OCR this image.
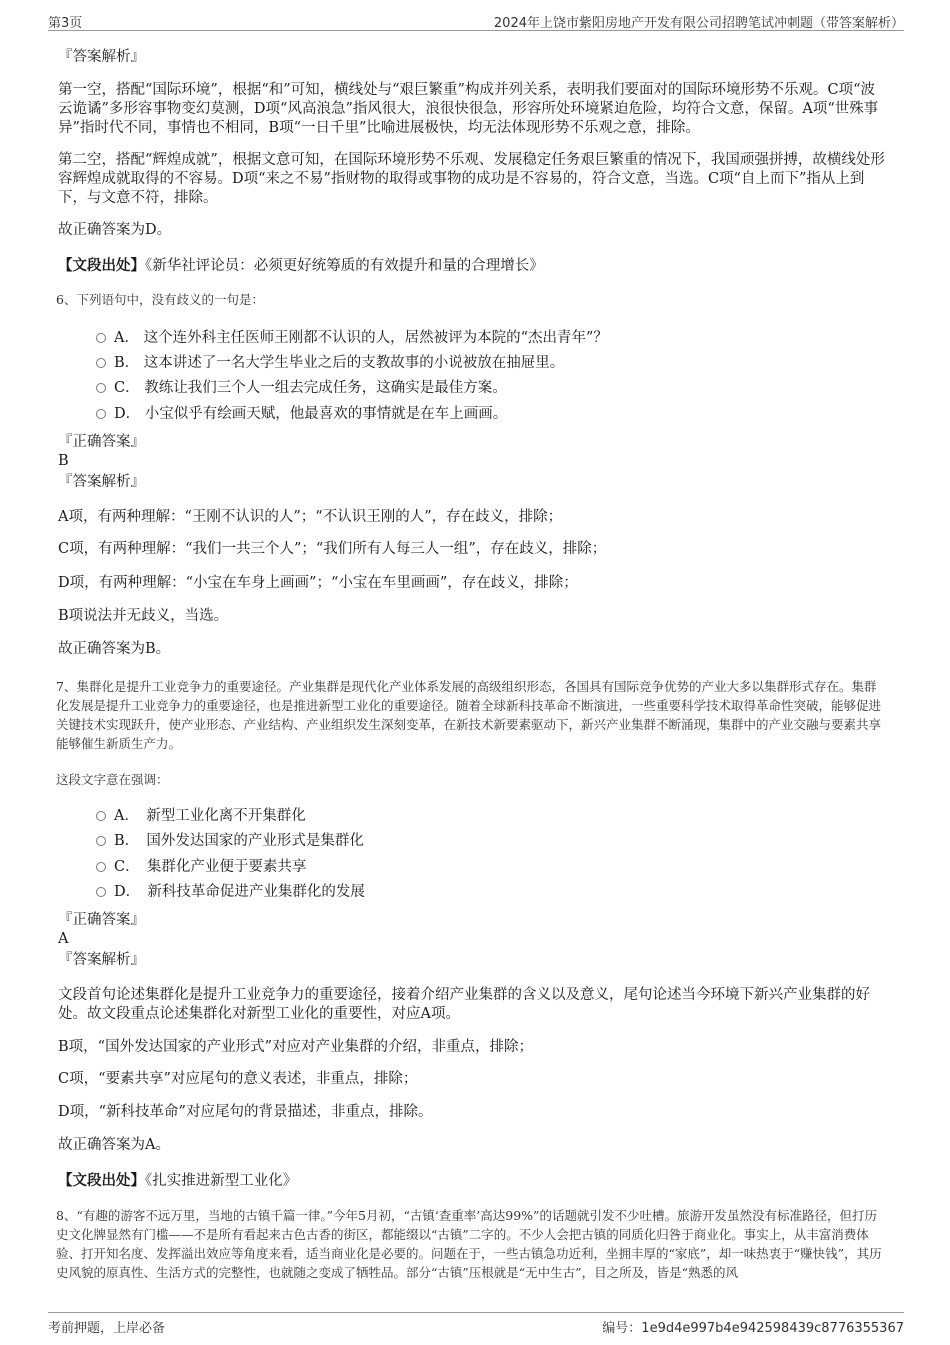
第3页	2024年上饶市紫阳房地产开发有限公司招聘笔试冲刺题（带答案解析）
『答案解析』
第一空，搭配“国际环境”，根据“和”可知，横线处与“艰巨繁重”构成并列关系，表明我们要面对的国际环境形势不乐观。C项“波云诡谲”多形容事物变幻莫测，D项“风高浪急”指风很大，浪很快很急，形容所处环境紧迫危险，均符合文意，保留。A项“世殊事异”指时代不同，事情也不相同，B项“一日千里”比喻进展极快，均无法体现形势不乐观之意，排除。
第二空，搭配“辉煌成就”，根据文意可知，在国际环境形势不乐观、发展稳定任务艰巨繁重的情况下，我国顽强拼搏，故横线处形容辉煌成就取得的不容易。D项“来之不易”指财物的取得或事物的成功是不容易的，符合文意，当选。C项“自上而下”指从上到下，与文意不符，排除。
故正确答案为D。
【文段出处】《新华社评论员：必须更好统筹质的有效提升和量的合理增长》
6、下列语句中，没有歧义的一句是：
A． 这个连外科主任医师王刚都不认识的人，居然被评为本院的“杰出青年”？
B． 这本讲述了一名大学生毕业之后的支教故事的小说被放在抽屉里。
C． 教练让我们三个人一组去完成任务，这确实是最佳方案。
D． 小宝似乎有绘画天赋，他最喜欢的事情就是在车上画画。
『正确答案』
B
『答案解析』
A项，有两种理解：“王刚不认识的人”；“不认识王刚的人”，存在歧义，排除；
C项，有两种理解：“我们一共三个人”；“我们所有人每三人一组”，存在歧义，排除；
D项，有两种理解：“小宝在车身上画画”；“小宝在车里画画”，存在歧义，排除；
B项说法并无歧义，当选。
故正确答案为B。
7、集群化是提升工业竞争力的重要途径。产业集群是现代化产业体系发展的高级组织形态，各国具有国际竞争优势的产业大多以集群形式存在。集群化发展是提升工业竞争力的重要途径，也是推进新型工业化的重要途径。随着全球新科技革命不断演进，一些重要科学技术取得革命性突破，能够促进关键技术实现跃升，使产业形态、产业结构、产业组织发生深刻变革，在新技术新要素驱动下，新兴产业集群不断涌现，集群中的产业交融与要素共享能够催生新质生产力。
这段文字意在强调：
A．　新型工业化离不开集群化
B．　国外发达国家的产业形式是集群化
C．　集群化产业便于要素共享
D．　新科技革命促进产业集群化的发展
『正确答案』
A
『答案解析』
文段首句论述集群化是提升工业竞争力的重要途径，接着介绍产业集群的含义以及意义，尾句论述当今环境下新兴产业集群的好处。故文段重点论述集群化对新型工业化的重要性，对应A项。
B项，“国外发达国家的产业形式”对应对产业集群的介绍，非重点，排除；
C项，“要素共享”对应尾句的意义表述，非重点，排除；
D项，“新科技革命”对应尾句的背景描述，非重点，排除。
故正确答案为A。
【文段出处】《扎实推进新型工业化》
8、“有趣的游客不远万里，当地的古镇千篇一律。”今年5月初，“古镇‘查重率’高达99%”的话题就引发不少吐槽。旅游开发虽然没有标准路径，但打历史文化牌显然有门槛——不是所有看起来古色古香的街区，都能缀以“古镇”二字的。不少人会把古镇的同质化归咎于商业化。事实上，从丰富消费体验、打开知名度、发挥溢出效应等角度来看，适当商业化是必要的。问题在于，一些古镇急功近利，坐拥丰厚的“家底”，却一味热衷于“赚快钱”，其历史风貌的原真性、生活方式的完整性，也就随之变成了牺牲品。部分“古镇”压根就是“无中生古”，目之所及，皆是“熟悉的风
考前押题，上岸必备	编号：1e9d4e997b4e942598439c8776355367
